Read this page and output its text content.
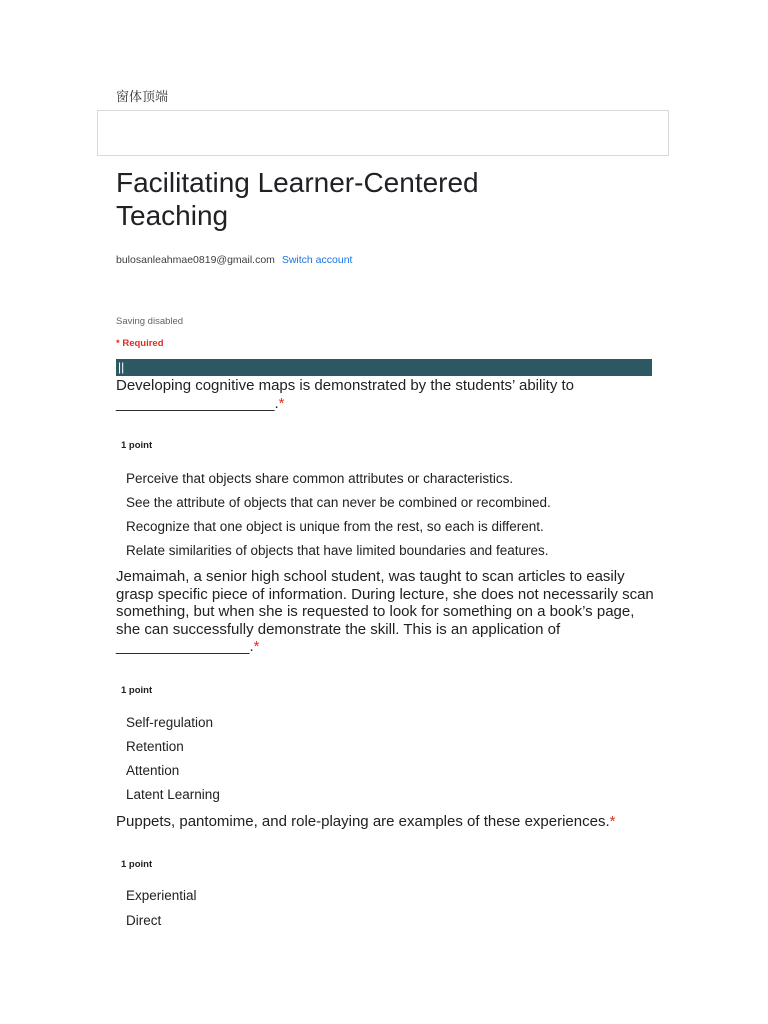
窗体顶端
Facilitating Learner-Centered Teaching
bulosanleahmae0819@gmail.com Switch account
Saving disabled
* Required
||
Developing cognitive maps is demonstrated by the students’ ability to ___________________.*
1 point
Perceive that objects share common attributes or characteristics.
See the attribute of objects that can never be combined or recombined.
Recognize that one object is unique from the rest, so each is different.
Relate similarities of objects that have limited boundaries and features.
Jemaimah, a senior high school student, was taught to scan articles to easily grasp specific piece of information. During lecture, she does not necessarily scan something, but when she is requested to look for something on a book’s page, she can successfully demonstrate the skill. This is an application of ________________.*
1 point
Self-regulation
Retention
Attention
Latent Learning
Puppets, pantomime, and role-playing are examples of these experiences.*
1 point
Experiential
Direct
